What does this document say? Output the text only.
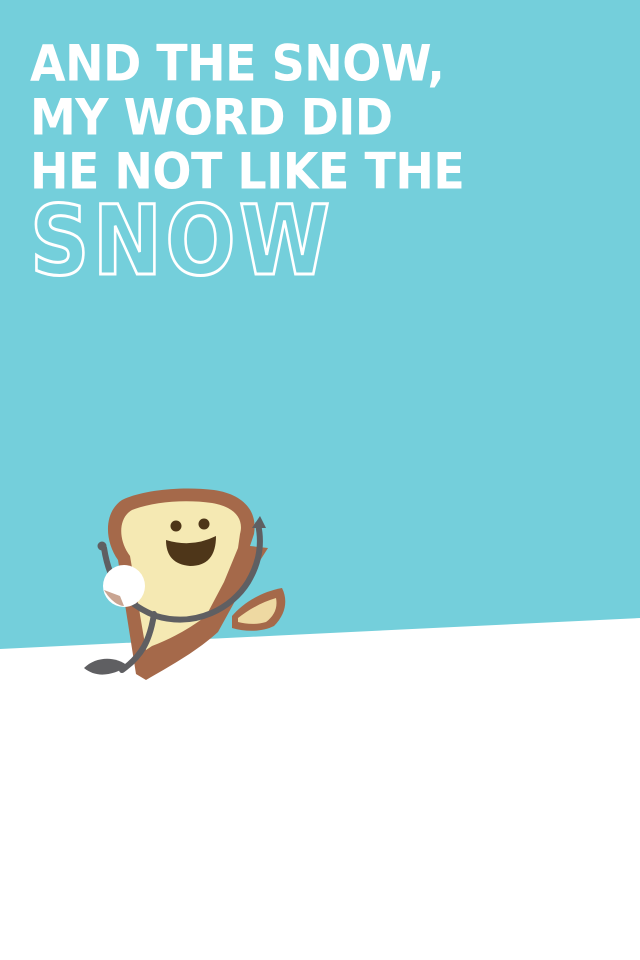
AND THE SNOW,
MY WORD DID
HE NOT LIKE THE
SNOW
